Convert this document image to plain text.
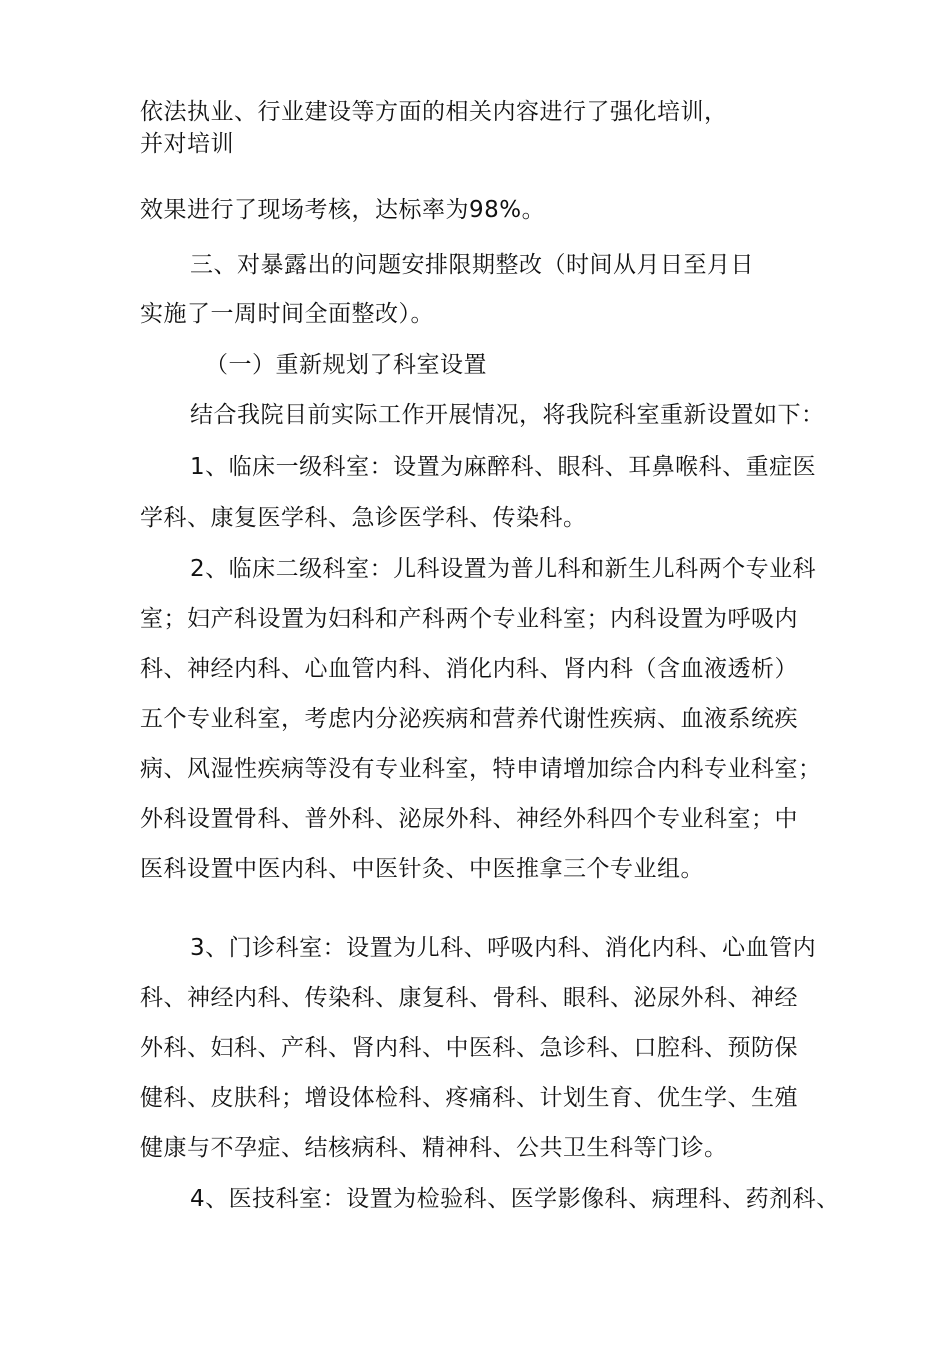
依法执业、行业建设等方面的相关内容进行了强化培训，
并对培训
效果进行了现场考核，达标率为98%。
三、对暴露出的问题安排限期整改（时间从月日至月日
实施了一周时间全面整改）。
（一）重新规划了科室设置
结合我院目前实际工作开展情况，将我院科室重新设置如下：
1、临床一级科室：设置为麻醉科、眼科、耳鼻喉科、重症医
学科、康复医学科、急诊医学科、传染科。
2、临床二级科室：儿科设置为普儿科和新生儿科两个专业科
室；妇产科设置为妇科和产科两个专业科室；内科设置为呼吸内
科、神经内科、心血管内科、消化内科、肾内科（含血液透析）
五个专业科室，考虑内分泌疾病和营养代谢性疾病、血液系统疾
病、风湿性疾病等没有专业科室，特申请增加综合内科专业科室；
外科设置骨科、普外科、泌尿外科、神经外科四个专业科室；中
医科设置中医内科、中医针灸、中医推拿三个专业组。
3、门诊科室：设置为儿科、呼吸内科、消化内科、心血管内
科、神经内科、传染科、康复科、骨科、眼科、泌尿外科、神经
外科、妇科、产科、肾内科、中医科、急诊科、口腔科、预防保
健科、皮肤科；增设体检科、疼痛科、计划生育、优生学、生殖
健康与不孕症、结核病科、精神科、公共卫生科等门诊。
4、医技科室：设置为检验科、医学影像科、病理科、药剂科、
